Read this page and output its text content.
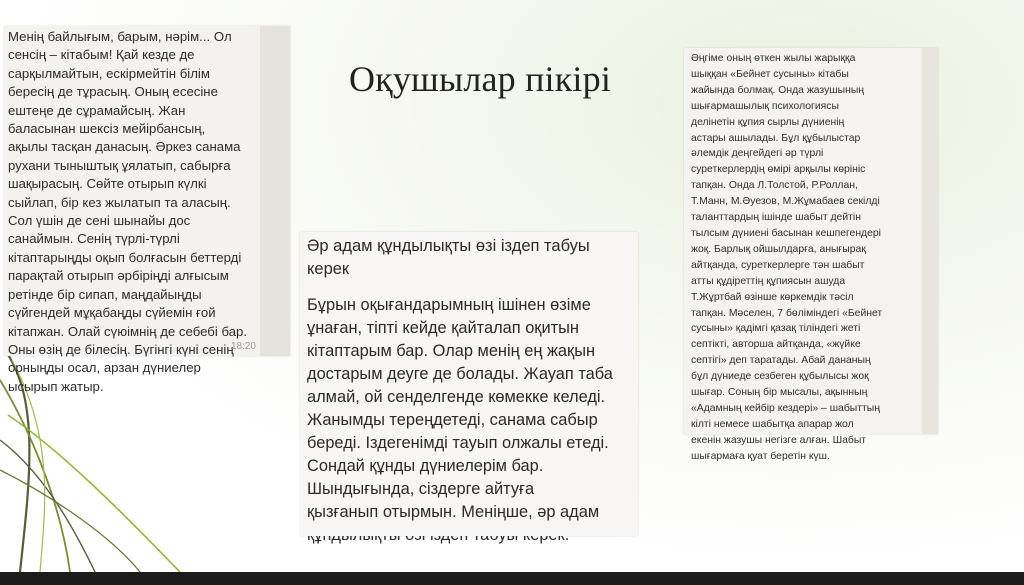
Оқушылар пікірі

Менің байлығым, барым, нәрім... Ол

сенсің – кітабым! Қай кезде де

сарқылмайтын, ескірмейтін білім

бересің де тұрасың. Оның есесіне

ештеңе де сұрамайсың. Жан

баласынан шексіз мейірбансың,

ақылы тасқан данасың. Әркез санама

рухани тыныштық ұялатып, сабырға

шақырасың. Сөйте отырып күлкі

сыйлап, бір кез жылатып та аласың.

Сол үшін де сені шынайы дос

санаймын. Сенің түрлі-түрлі

кітаптарыңды оқып болғасын беттерді

парақтай отырып әрбіріңді алғысым

ретінде бір сипап, маңдайыңды

сүйгендей мұқабаңды сүйемін ғой

кітапжан. Олай сүюімнің де себебі бар.

Оны өзің де білесің. Бүгінгі күні сенің

орныңды осал, арзан дүниелер

ысырып жатыр.

18:20

Әр адам құндылықты өзі іздеп табуы

керек

Бұрын оқығандарымның ішінен өзіме

ұнаған, тіпті кейде қайталап оқитын

кітаптарым бар. Олар менің ең жақын

достарым деуге де болады. Жауап таба

алмай, ой сенделгенде көмекке келеді.

Жанымды тереңдетеді, санама сабыр

береді. Іздегенімді тауып олжалы етеді.

Сондай құнды дүниелерім бар.

Шындығында, сіздерге айтуға

қызғанып отырмын. Меніңше, әр адам

Әңгіме оның өткен жылы жарыққа

шыққан «Бейнет сусыны» кітабы

жайында болмақ. Онда жазушының

шығармашылық психологиясы

делінетін құпия сырлы дүниенің

астары ашылады. Бұл құбылыстар

әлемдік деңгейдегі әр түрлі

суреткерлердің өмірі арқылы көрініс

тапқан. Онда Л.Толстой, Р.Роллан,

Т.Манн, М.Әуезов, М.Жұмабаев секілді

таланттардың ішінде шабыт дейтін

тылсым дүниені басынан кешпегендері

жоқ. Барлық ойшылдарға, анығырақ

айтқанда, суреткерлерге тән шабыт

атты құдіреттің құпиясын ашуда

Т.Жұртбай өзінше көркемдік тәсіл

тапқан. Мәселен, 7 бөліміндегі «Бейнет

сусыны» қадімгі қазақ тіліндегі жеті

септікті, авторша айтқанда, «жүйке

септігі» деп таратады. Абай дананың

бұл дүниеде сезбеген құбылысы жоқ

шығар. Соның бір мысалы, ақынның

«Адамның кейбір кездері» – шабыттың

кілті немесе шабытқа апарар жол

екенін жазушы негізге алған. Шабыт

шығармаға қуат беретін күш.
